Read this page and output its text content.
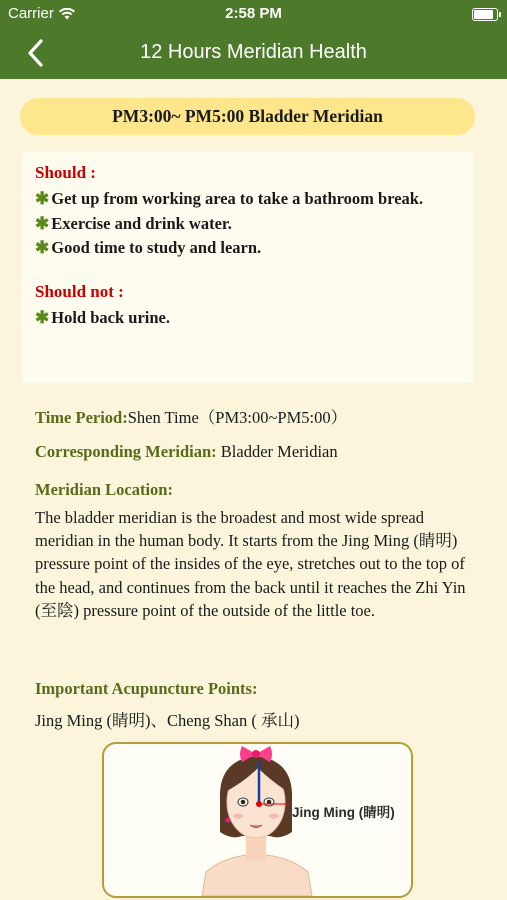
Carrier	2:58 PM
12 Hours Meridian Health
PM3:00~ PM5:00 Bladder Meridian
Should :
✱ Get up from working area to take a bathroom break.
✱ Exercise and drink water.
✱ Good time to study and learn.
Should not :
✱ Hold back urine.
Time Period:Shen Time（PM3:00~PM5:00）
Corresponding Meridian: Bladder Meridian
Meridian Location:
The bladder meridian is the broadest and most wide spread meridian in the human body. It starts from the Jing Ming (睛明) pressure point of the insides of the eye, stretches out to the top of the head, and continues from the back until it reaches the Zhi Yin (至陰) pressure point of the outside of the little toe.
Important Acupuncture Points:
Jing Ming (睛明)、Cheng Shan ( 承山)
Jing Ming (睛明)
